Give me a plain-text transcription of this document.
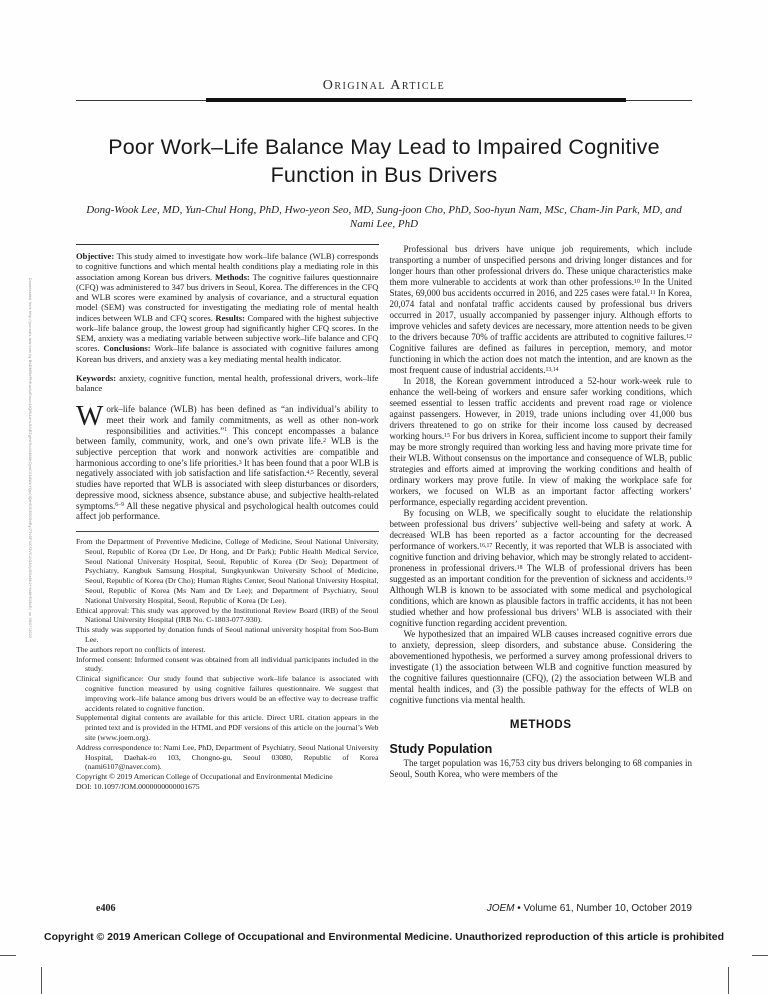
Downloaded from http://journals.lww.com by BhDMf5ePHKav1zEoum1tQfN4a+kJLhEZgbsIHo4XMi0hCywCX1AWnYQp/IlQrHD3i3D0OdRyi7TvSFl4Cf3VC4/OAVpDDa8K2+Ya6H515kE= on 08/07/2023
Original Article
Poor Work–Life Balance May Lead to Impaired Cognitive Function in Bus Drivers
Dong-Wook Lee, MD, Yun-Chul Hong, PhD, Hwo-yeon Seo, MD, Sung-joon Cho, PhD, Soo-hyun Nam, MSc, Cham-Jin Park, MD, and Nami Lee, PhD

Objective: This study aimed to investigate how work–life balance (WLB) corresponds to cognitive functions and which mental health conditions play a mediating role in this association among Korean bus drivers. Methods: The cognitive failures questionnaire (CFQ) was administered to 347 bus drivers in Seoul, Korea. The differences in the CFQ and WLB scores were examined by analysis of covariance, and a structural equation model (SEM) was constructed for investigating the mediating role of mental health indices between WLB and CFQ scores. Results: Compared with the highest subjective work–life balance group, the lowest group had significantly higher CFQ scores. In the SEM, anxiety was a mediating variable between subjective work–life balance and CFQ scores. Conclusions: Work–life balance is associated with cognitive failures among Korean bus drivers, and anxiety was a key mediating mental health indicator.

Keywords: anxiety, cognitive function, mental health, professional drivers, work–life balance

Work–life balance (WLB) has been defined as “an individual’s ability to meet their work and family commitments, as well as other non-work responsibilities and activities.”$^1$ This concept encompasses a balance between family, community, work, and one’s own private life.$^2$ WLB is the subjective perception that work and nonwork activities are compatible and harmonious according to one’s life priorities.$^3$ It has been found that a poor WLB is negatively associated with job satisfaction and life satisfaction.$^{4,5}$ Recently, several studies have reported that WLB is associated with sleep disturbances or disorders, depressive mood, sickness absence, substance abuse, and subjective health-related symptoms.$^{6-9}$ All these negative physical and psychological health outcomes could affect job performance.

From the Department of Preventive Medicine, College of Medicine, Seoul National University, Seoul, Republic of Korea (Dr Lee, Dr Hong, and Dr Park); Public Health Medical Service, Seoul National University Hospital, Seoul, Republic of Korea (Dr Seo); Department of Psychiatry, Kangbuk Samsung Hospital, Sungkyunkwan University School of Medicine, Seoul, Republic of Korea (Dr Cho); Human Rights Center, Seoul National University Hospital, Seoul, Republic of Korea (Ms Nam and Dr Lee); and Department of Psychiatry, Seoul National University Hospital, Seoul, Republic of Korea (Dr Lee).
Ethical approval: This study was approved by the Institutional Review Board (IRB) of the Seoul National University Hospital (IRB No. C-1803-077-930).
This study was supported by donation funds of Seoul national university hospital from Soo-Bum Lee.
The authors report no conflicts of interest.
Informed consent: Informed consent was obtained from all individual participants included in the study.
Clinical significance: Our study found that subjective work–life balance is associated with cognitive function measured by using cognitive failures questionnaire. We suggest that improving work–life balance among bus drivers would be an effective way to decrease traffic accidents related to cognitive function.
Supplemental digital contents are available for this article. Direct URL citation appears in the printed text and is provided in the HTML and PDF versions of this article on the journal’s Web site (www.joem.org).
Address correspondence to: Nami Lee, PhD, Department of Psychiatry, Seoul National University Hospital, Daehak-ro 103, Chongno-gu, Seoul 03080, Republic of Korea (nami6107@naver.com).
Copyright © 2019 American College of Occupational and Environmental Medicine
DOI: 10.1097/JOM.0000000000001675
Professional bus drivers have unique job requirements, which include transporting a number of unspecified persons and driving longer distances and for longer hours than other professional drivers do. These unique characteristics make them more vulnerable to accidents at work than other professions.$^{10}$ In the United States, 69,000 bus accidents occurred in 2016, and 225 cases were fatal.$^{11}$ In Korea, 20,074 fatal and nonfatal traffic accidents caused by professional bus drivers occurred in 2017, usually accompanied by passenger injury. Although efforts to improve vehicles and safety devices are necessary, more attention needs to be given to the drivers because 70% of traffic accidents are attributed to cognitive failures.$^{12}$ Cognitive failures are defined as failures in perception, memory, and motor functioning in which the action does not match the intention, and are known as the most frequent cause of industrial accidents.$^{13,14}$
In 2018, the Korean government introduced a 52-hour work-week rule to enhance the well-being of workers and ensure safer working conditions, which seemed essential to lessen traffic accidents and prevent road rage or violence against passengers. However, in 2019, trade unions including over 41,000 bus drivers threatened to go on strike for their income loss caused by decreased working hours.$^{15}$ For bus drivers in Korea, sufficient income to support their family may be more strongly required than working less and having more private time for their WLB. Without consensus on the importance and consequence of WLB, public strategies and efforts aimed at improving the working conditions and health of ordinary workers may prove futile. In view of making the workplace safe for workers, we focused on WLB as an important factor affecting workers’ performance, especially regarding accident prevention.
By focusing on WLB, we specifically sought to elucidate the relationship between professional bus drivers’ subjective well-being and safety at work. A decreased WLB has been reported as a factor accounting for the decreased performance of workers.$^{16,17}$ Recently, it was reported that WLB is associated with cognitive function and driving behavior, which may be strongly related to accident-proneness in professional drivers.$^{18}$ The WLB of professional drivers has been suggested as an important condition for the prevention of sickness and accidents.$^{19}$ Although WLB is known to be associated with some medical and psychological conditions, which are known as plausible factors in traffic accidents, it has not been studied whether and how professional bus drivers’ WLB is associated with their cognitive function regarding accident prevention.
We hypothesized that an impaired WLB causes increased cognitive errors due to anxiety, depression, sleep disorders, and substance abuse. Considering the abovementioned hypothesis, we performed a survey among professional drivers to investigate (1) the association between WLB and cognitive function measured by the cognitive failures questionnaire (CFQ), (2) the association between WLB and mental health indices, and (3) the possible pathway for the effects of WLB on cognitive functions via mental health.
METHODS
Study Population

The target population was 16,753 city bus drivers belonging to 68 companies in Seoul, South Korea, who were members of the

e406	JOEM • Volume 61, Number 10, October 2019
Copyright © 2019 American College of Occupational and Environmental Medicine. Unauthorized reproduction of this article is prohibited
